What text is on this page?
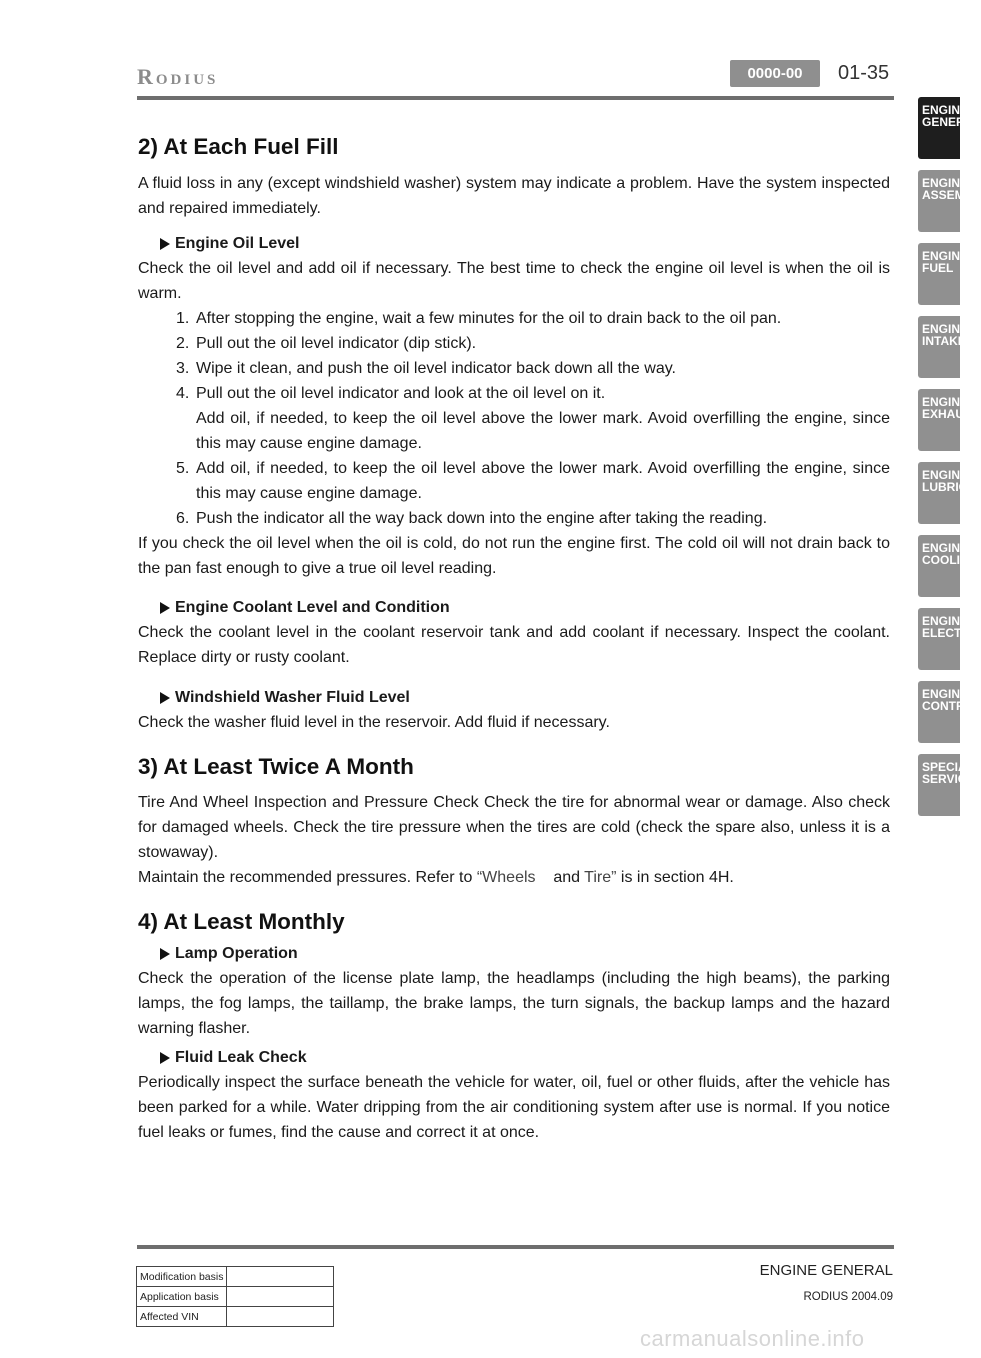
Rodius	0000-00	01-35
ENGINE
GENERA
ENGINE
ASSEMBL
ENGINE
FUEL
ENGINE
INTAKE
ENGINE
EXHAUST
ENGINE
LUBRICA
ENGINE
COOLING
ENGINE
ELECTRI
ENGINE
CONTRO
SPECIAL
SERVICE
2) At Each Fuel Fill

A fluid loss in any (except windshield washer) system may indicate a problem. Have the system inspected and repaired immediately.

Engine Oil Level

Check the oil level and add oil if necessary. The best time to check the engine oil level is when the oil is warm.

1. After stopping the engine, wait a few minutes for the oil to drain back to the oil pan.
2. Pull out the oil level indicator (dip stick).
3. Wipe it clean, and push the oil level indicator back down all the way.
4. Pull out the oil level indicator and look at the oil level on it.
Add oil, if needed, to keep the oil level above the lower mark. Avoid overfilling the engine, since this may cause engine damage.
5. Add oil, if needed, to keep the oil level above the lower mark. Avoid overfilling the engine, since this may cause engine damage.
6. Push the indicator all the way back down into the engine after taking the reading.

If you check the oil level when the oil is cold, do not run the engine first. The cold oil will not drain back to the pan fast enough to give a true oil level reading.

Engine Coolant Level and Condition

Check the coolant level in the coolant reservoir tank and add coolant if necessary. Inspect the coolant. Replace dirty or rusty coolant.

Windshield Washer Fluid Level

Check the washer fluid level in the reservoir. Add fluid if necessary.

3) At Least Twice A Month

Tire And Wheel Inspection and Pressure Check Check the tire for abnormal wear or damage. Also check for damaged wheels. Check the tire pressure when the tires are cold (check the spare also, unless it is a stowaway).

Maintain the recommended pressures. Refer to “Wheels and Tire” is in section 4H.

4) At Least Monthly
Lamp Operation

Check the operation of the license plate lamp, the headlamps (including the high beams), the parking lamps, the fog lamps, the taillamp, the brake lamps, the turn signals, the backup lamps and the hazard warning flasher.

Fluid Leak Check

Periodically inspect the surface beneath the vehicle for water, oil, fuel or other fluids, after the vehicle has been parked for a while. Water dripping from the air conditioning system after use is normal. If you notice fuel leaks or fumes, find the cause and correct it at once.

Modification basis	
Application basis	
Affected VIN	
ENGINE GENERAL
RODIUS 2004.09
carmanualsonline.info
